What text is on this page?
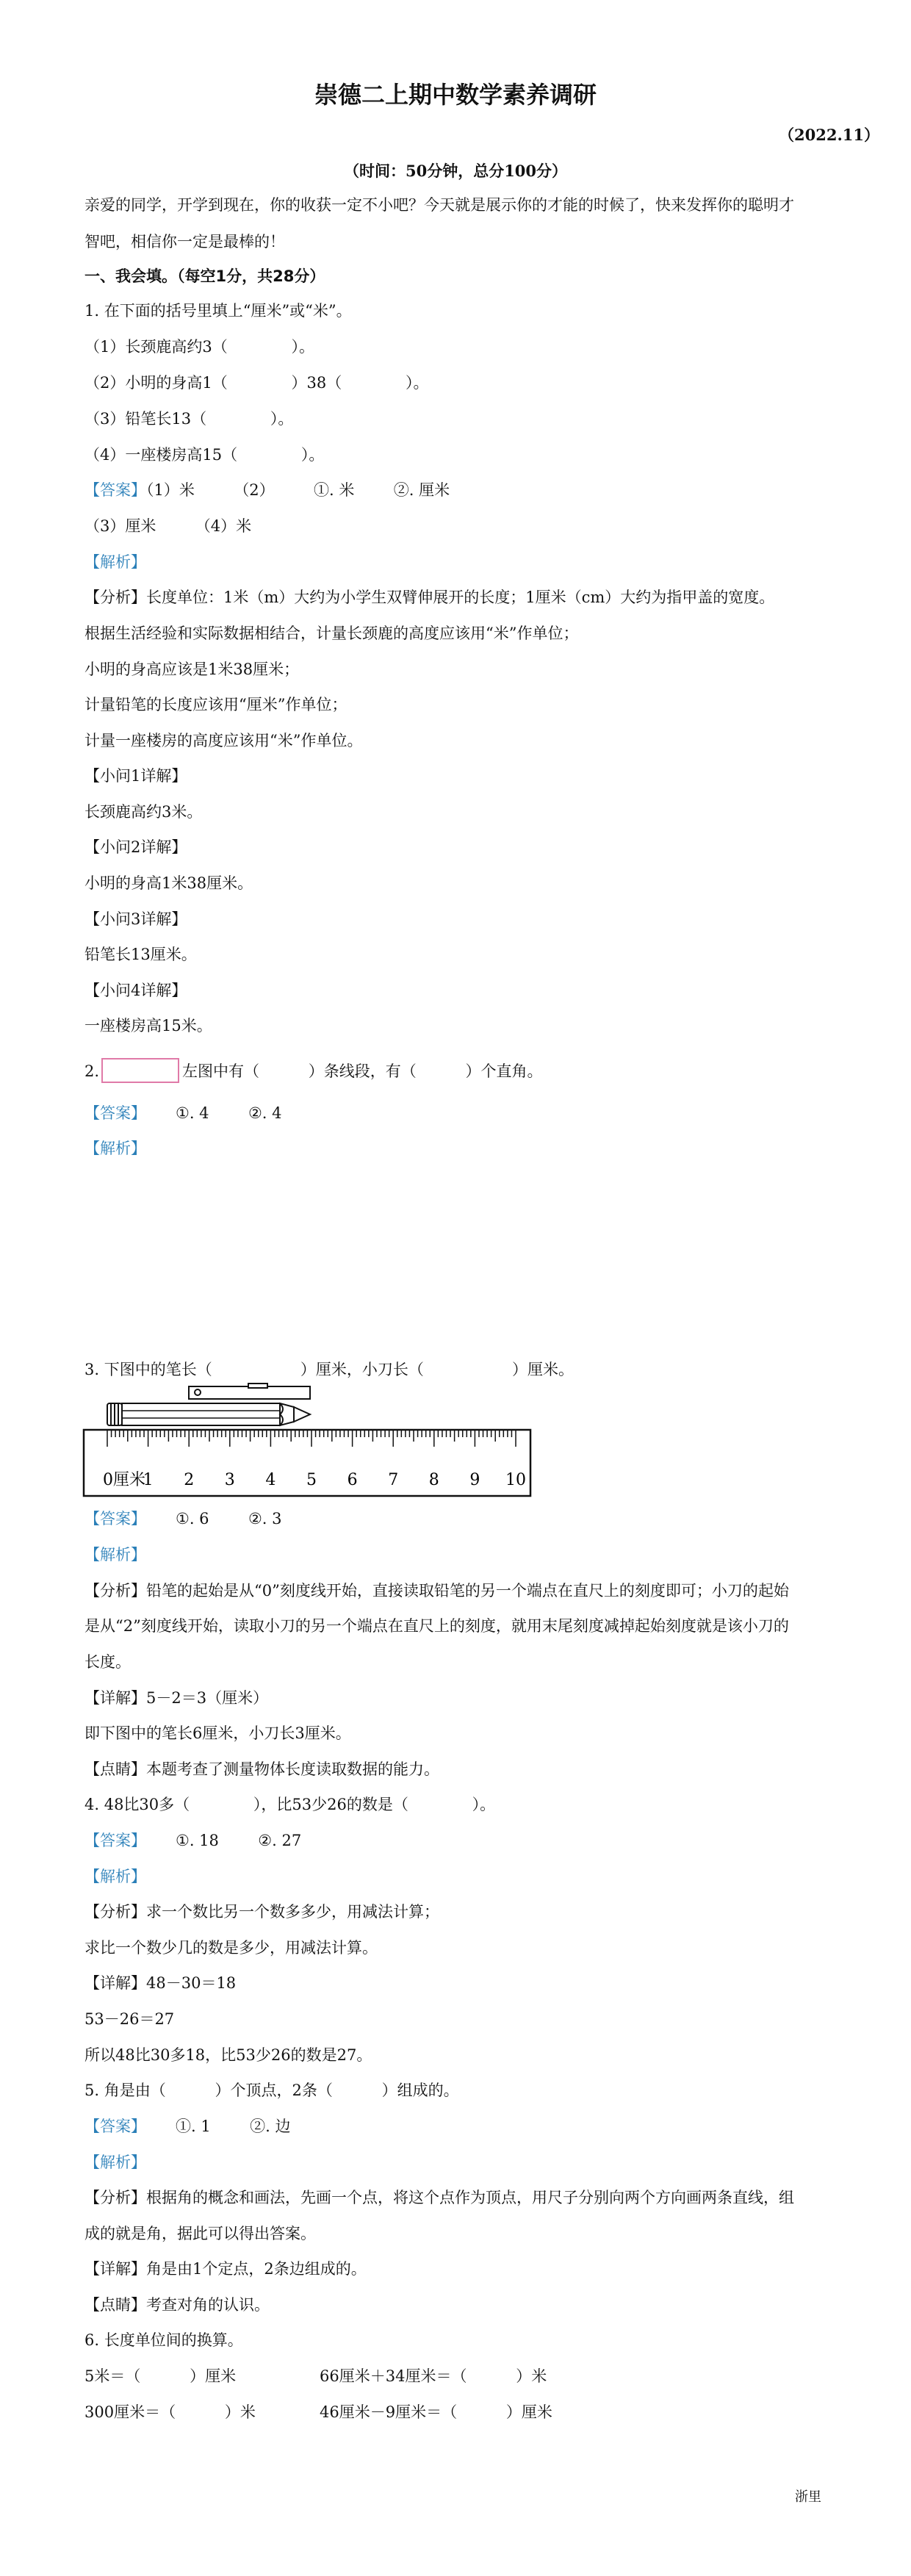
崇德二上期中数学素养调研
（2022.11）
（时间：50分钟，总分100分）
亲爱的同学，开学到现在，你的收获一定不小吧？今天就是展示你的才能的时候了，快来发挥你的聪明才
智吧，相信你一定是最棒的！
一、我会填。（每空1分，共28分）
1. 在下面的括号里填上“厘米”或“米”。
（1）长颈鹿高约3（             ）。
（2）小明的身高1（             ）38（             ）。
（3）铅笔长13（             ）。
（4）一座楼房高15（             ）。
【答案】（1）米        （2）        ①. 米        ②. 厘米
（3）厘米        （4）米
【解析】
【分析】长度单位：1米（m）大约为小学生双臂伸展开的长度；1厘米（cm）大约为指甲盖的宽度。
根据生活经验和实际数据相结合，计量长颈鹿的高度应该用“米”作单位；
小明的身高应该是1米38厘米；
计量铅笔的长度应该用“厘米”作单位；
计量一座楼房的高度应该用“米”作单位。
【小问1详解】
长颈鹿高约3米。
【小问2详解】
小明的身高1米38厘米。
【小问3详解】
铅笔长13厘米。
【小问4详解】
一座楼房高15米。
2.	左图中有（          ）条线段，有（          ）个直角。
【答案】 ①. 4        ②. 4
【解析】
3. 下图中的笔长（                  ）厘米，小刀长（                  ）厘米。
1 2 3 4 5 6 7 8 9 10
0厘米
【答案】 ①. 6        ②. 3
【解析】
【分析】铅笔的起始是从“0”刻度线开始，直接读取铅笔的另一个端点在直尺上的刻度即可；小刀的起始
是从“2”刻度线开始，读取小刀的另一个端点在直尺上的刻度，就用末尾刻度减掉起始刻度就是该小刀的
长度。
【详解】5－2＝3（厘米）
即下图中的笔长6厘米，小刀长3厘米。
【点睛】本题考查了测量物体长度读取数据的能力。
4. 48比30多（             ），比53少26的数是（             ）。
【答案】 ①. 18        ②. 27
【解析】
【分析】求一个数比另一个数多多少，用减法计算；
求比一个数少几的数是多少，用减法计算。
【详解】48－30＝18
53－26＝27
所以48比30多18，比53少26的数是27。
5. 角是由（          ）个顶点，2条（          ）组成的。
【答案】 ①. 1        ②. 边
【解析】
【分析】根据角的概念和画法，先画一个点，将这个点作为顶点，用尺子分别向两个方向画两条直线，组
成的就是角，据此可以得出答案。
【详解】角是由1个定点，2条边组成的。
【点睛】考查对角的认识。
6. 长度单位间的换算。
5米＝（          ）厘米	66厘米＋34厘米＝（          ）米
300厘米＝（          ）米	46厘米－9厘米＝（          ）厘米
浙里
